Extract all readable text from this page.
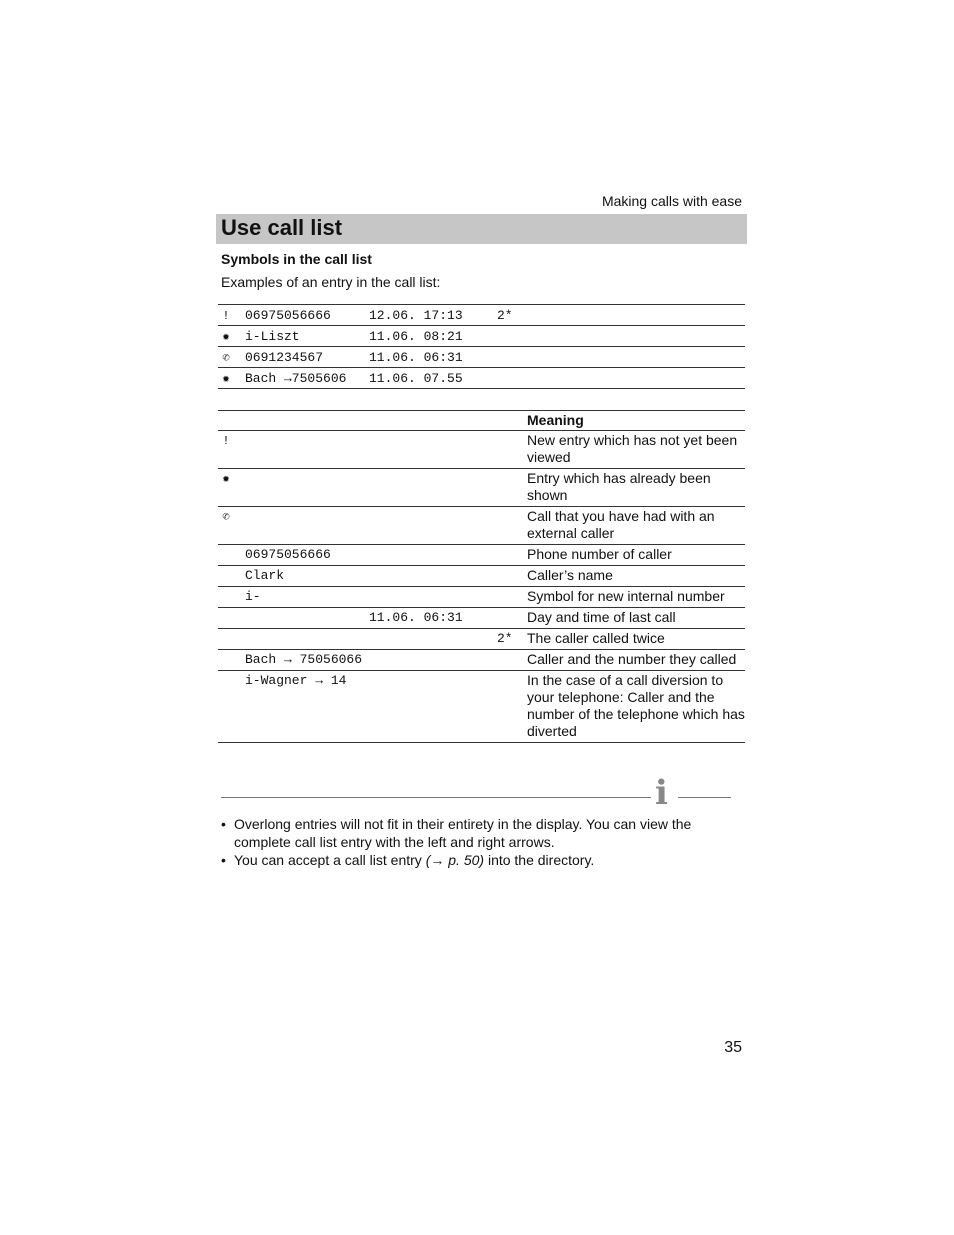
Making calls with ease
Use call list
Symbols in the call list
Examples of an entry in the call list:
!	06975056666	12.06. 17:13	2*
✹	i-Liszt	11.06. 08:21	
✆	0691234567	11.06. 06:31	
✹	Bach →7505606	11.06. 07.55	
				Meaning
!				New entry which has not yet been viewed
✹				Entry which has already been shown
✆				Call that you have had with an external caller
	06975056666			Phone number of caller
	Clark			Caller’s name
	i-			Symbol for new internal number
		11.06. 06:31		Day and time of last call
			2*	The caller called twice
	Bach → 75056066			Caller and the number they called
	i-Wagner → 14			In the case of a call diversion to your telephone: Caller and the number of the telephone which has diverted
i
• Overlong entries will not fit in their entirety in the display. You can view the complete call list entry with the left and right arrows.
• You can accept a call list entry (→ p. 50) into the directory.
35
